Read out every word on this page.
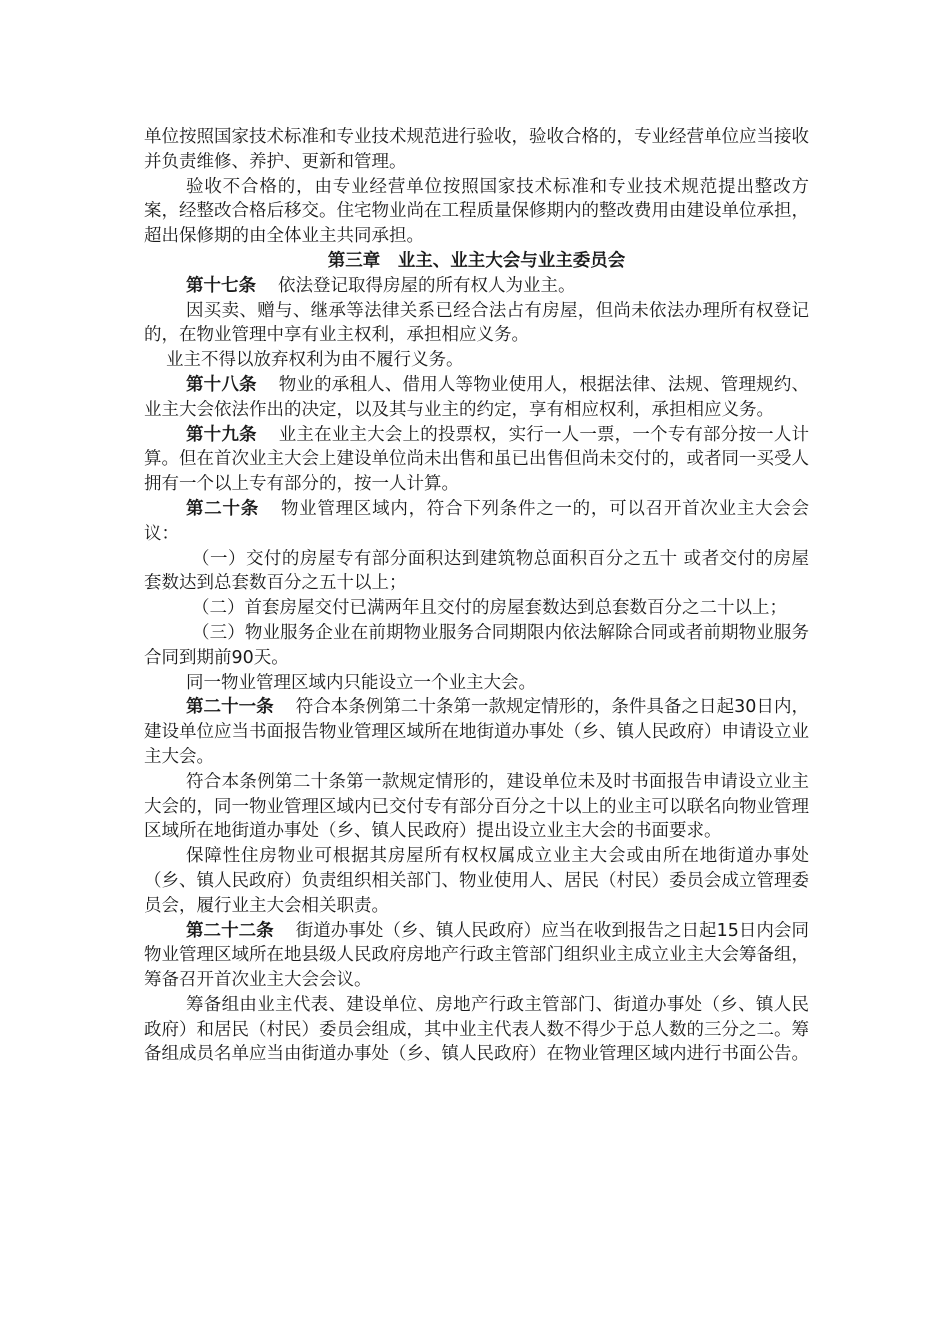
单位按照国家技术标准和专业技术规范进行验收，验收合格的，专业经营单位应当接收并负责维修、养护、更新和管理。

验收不合格的，由专业经营单位按照国家技术标准和专业技术规范提出整改方案，经整改合格后移交。住宅物业尚在工程质量保修期内的整改费用由建设单位承担，超出保修期的由全体业主共同承担。

第三章　业主、业主大会与业主委员会

第十七条 依法登记取得房屋的所有权人为业主。

因买卖、赠与、继承等法律关系已经合法占有房屋，但尚未依法办理所有权登记的，在物业管理中享有业主权利，承担相应义务。

业主不得以放弃权利为由不履行义务。

第十八条 物业的承租人、借用人等物业使用人，根据法律、法规、管理规约、业主大会依法作出的决定，以及其与业主的约定，享有相应权利，承担相应义务。

第十九条 业主在业主大会上的投票权，实行一人一票，一个专有部分按一人计算。但在首次业主大会上建设单位尚未出售和虽已出售但尚未交付的，或者同一买受人拥有一个以上专有部分的，按一人计算。

第二十条 物业管理区域内，符合下列条件之一的，可以召开首次业主大会会议：

（一）交付的房屋专有部分面积达到建筑物总面积百分之五十 或者交付的房屋套数达到总套数百分之五十以上；

（二）首套房屋交付已满两年且交付的房屋套数达到总套数百分之二十以上；

（三）物业服务企业在前期物业服务合同期限内依法解除合同或者前期物业服务合同到期前90天。

同一物业管理区域内只能设立一个业主大会。

第二十一条 符合本条例第二十条第一款规定情形的，条件具备之日起30日内，建设单位应当书面报告物业管理区域所在地街道办事处（乡、镇人民政府）申请设立业主大会。

符合本条例第二十条第一款规定情形的，建设单位未及时书面报告申请设立业主大会的，同一物业管理区域内已交付专有部分百分之十以上的业主可以联名向物业管理区域所在地街道办事处（乡、镇人民政府）提出设立业主大会的书面要求。

保障性住房物业可根据其房屋所有权权属成立业主大会或由所在地街道办事处（乡、镇人民政府）负责组织相关部门、物业使用人、居民（村民）委员会成立管理委员会，履行业主大会相关职责。

第二十二条 街道办事处（乡、镇人民政府）应当在收到报告之日起15日内会同物业管理区域所在地县级人民政府房地产行政主管部门组织业主成立业主大会筹备组，筹备召开首次业主大会会议。

筹备组由业主代表、建设单位、房地产行政主管部门、街道办事处（乡、镇人民政府）和居民（村民）委员会组成，其中业主代表人数不得少于总人数的三分之二。筹备组成员名单应当由街道办事处（乡、镇人民政府）在物业管理区域内进行书面公告。
